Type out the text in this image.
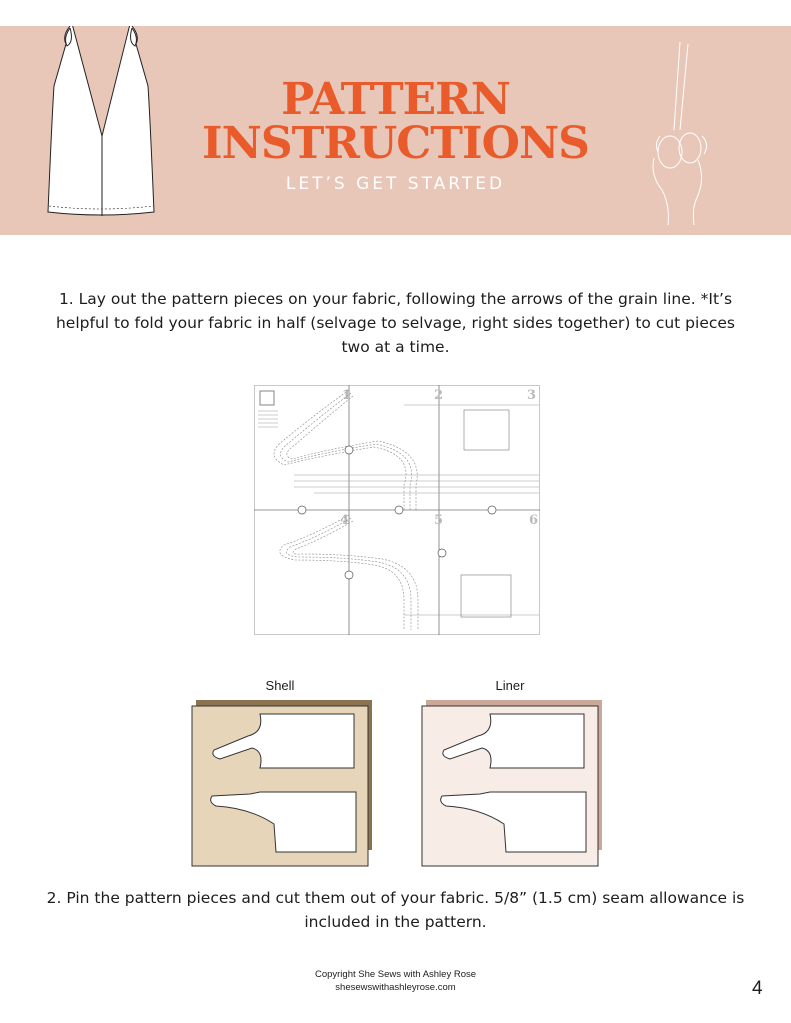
PATTERN
INSTRUCTIONS
LET’S GET STARTED

1. Lay out the pattern pieces on your fabric, following the arrows of the grain line. *It’s helpful to fold your fabric in half (selvage to selvage, right sides together) to cut pieces two at a time.

1	2	3
4	5	6
Shell	Liner

2. Pin the pattern pieces and cut them out of your fabric. 5/8” (1.5 cm) seam allowance is included in the pattern.

Copyright She Sews with Ashley Rose
shesewswithashleyrose.com	4
